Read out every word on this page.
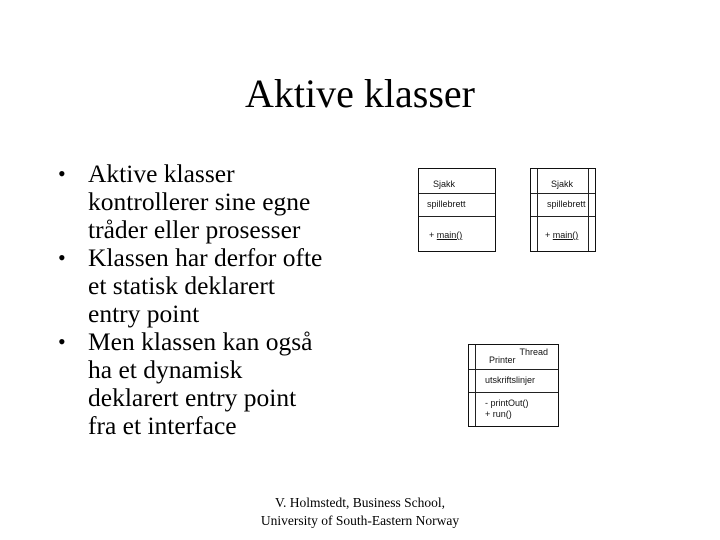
Aktive klasser
• Aktive klasser
kontrollerer sine egne
tråder eller prosesser
• Klassen har derfor ofte
et statisk deklarert
entry point
• Men klassen kan også
ha et dynamisk
deklarert entry point
fra et interface
Sjakk
spillebrett
+ main()
Sjakk
spillebrett
+ main()
Thread
Printer
utskriftslinjer
- printOut()
+ run()
V. Holmstedt, Business School,
University of South-Eastern Norway
